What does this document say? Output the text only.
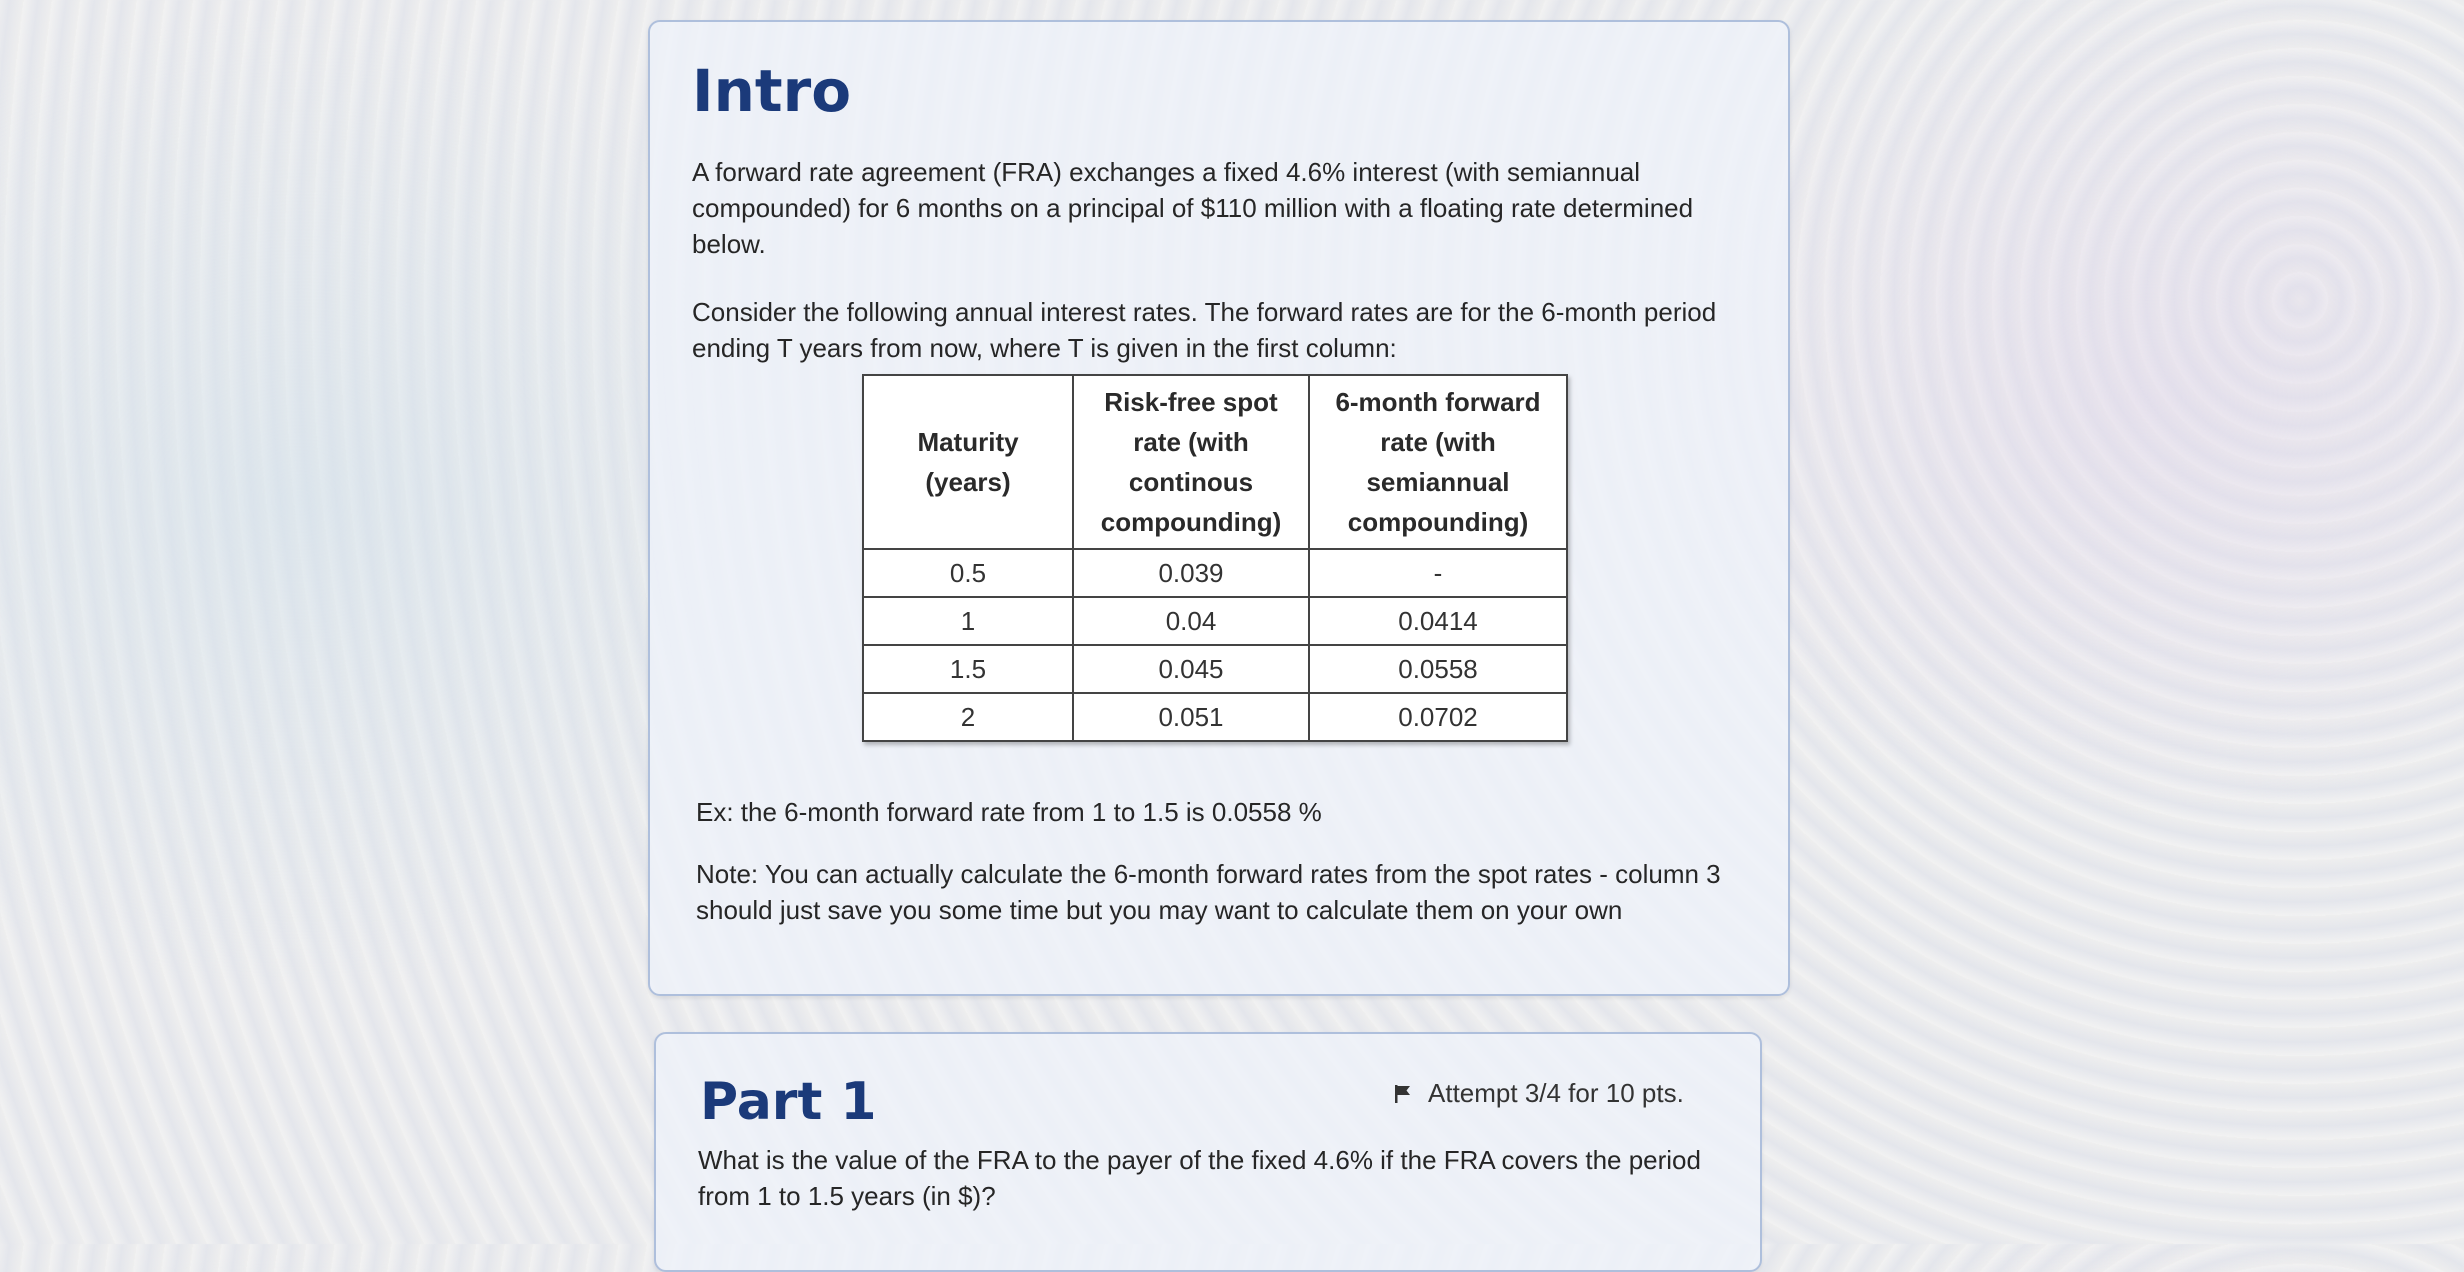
Intro

A forward rate agreement (FRA) exchanges a fixed 4.6% interest (with semiannual compounded) for 6 months on a principal of $110 million with a floating rate determined below.

Consider the following annual interest rates. The forward rates are for the 6-month period ending T years from now, where T is given in the first column:

Maturity (years)	Risk-free spot rate (with continous compounding)	6-month forward rate (with semiannual compounding)
0.5	0.039	-
1	0.04	0.0414
1.5	0.045	0.0558
2	0.051	0.0702

Ex: the 6-month forward rate from 1 to 1.5 is 0.0558 %

Note: You can actually calculate the 6-month forward rates from the spot rates - column 3 should just save you some time but you may want to calculate them on your own

Part 1	Attempt 3/4 for 10 pts.

What is the value of the FRA to the payer of the fixed 4.6% if the FRA covers the period from 1 to 1.5 years (in $)?
